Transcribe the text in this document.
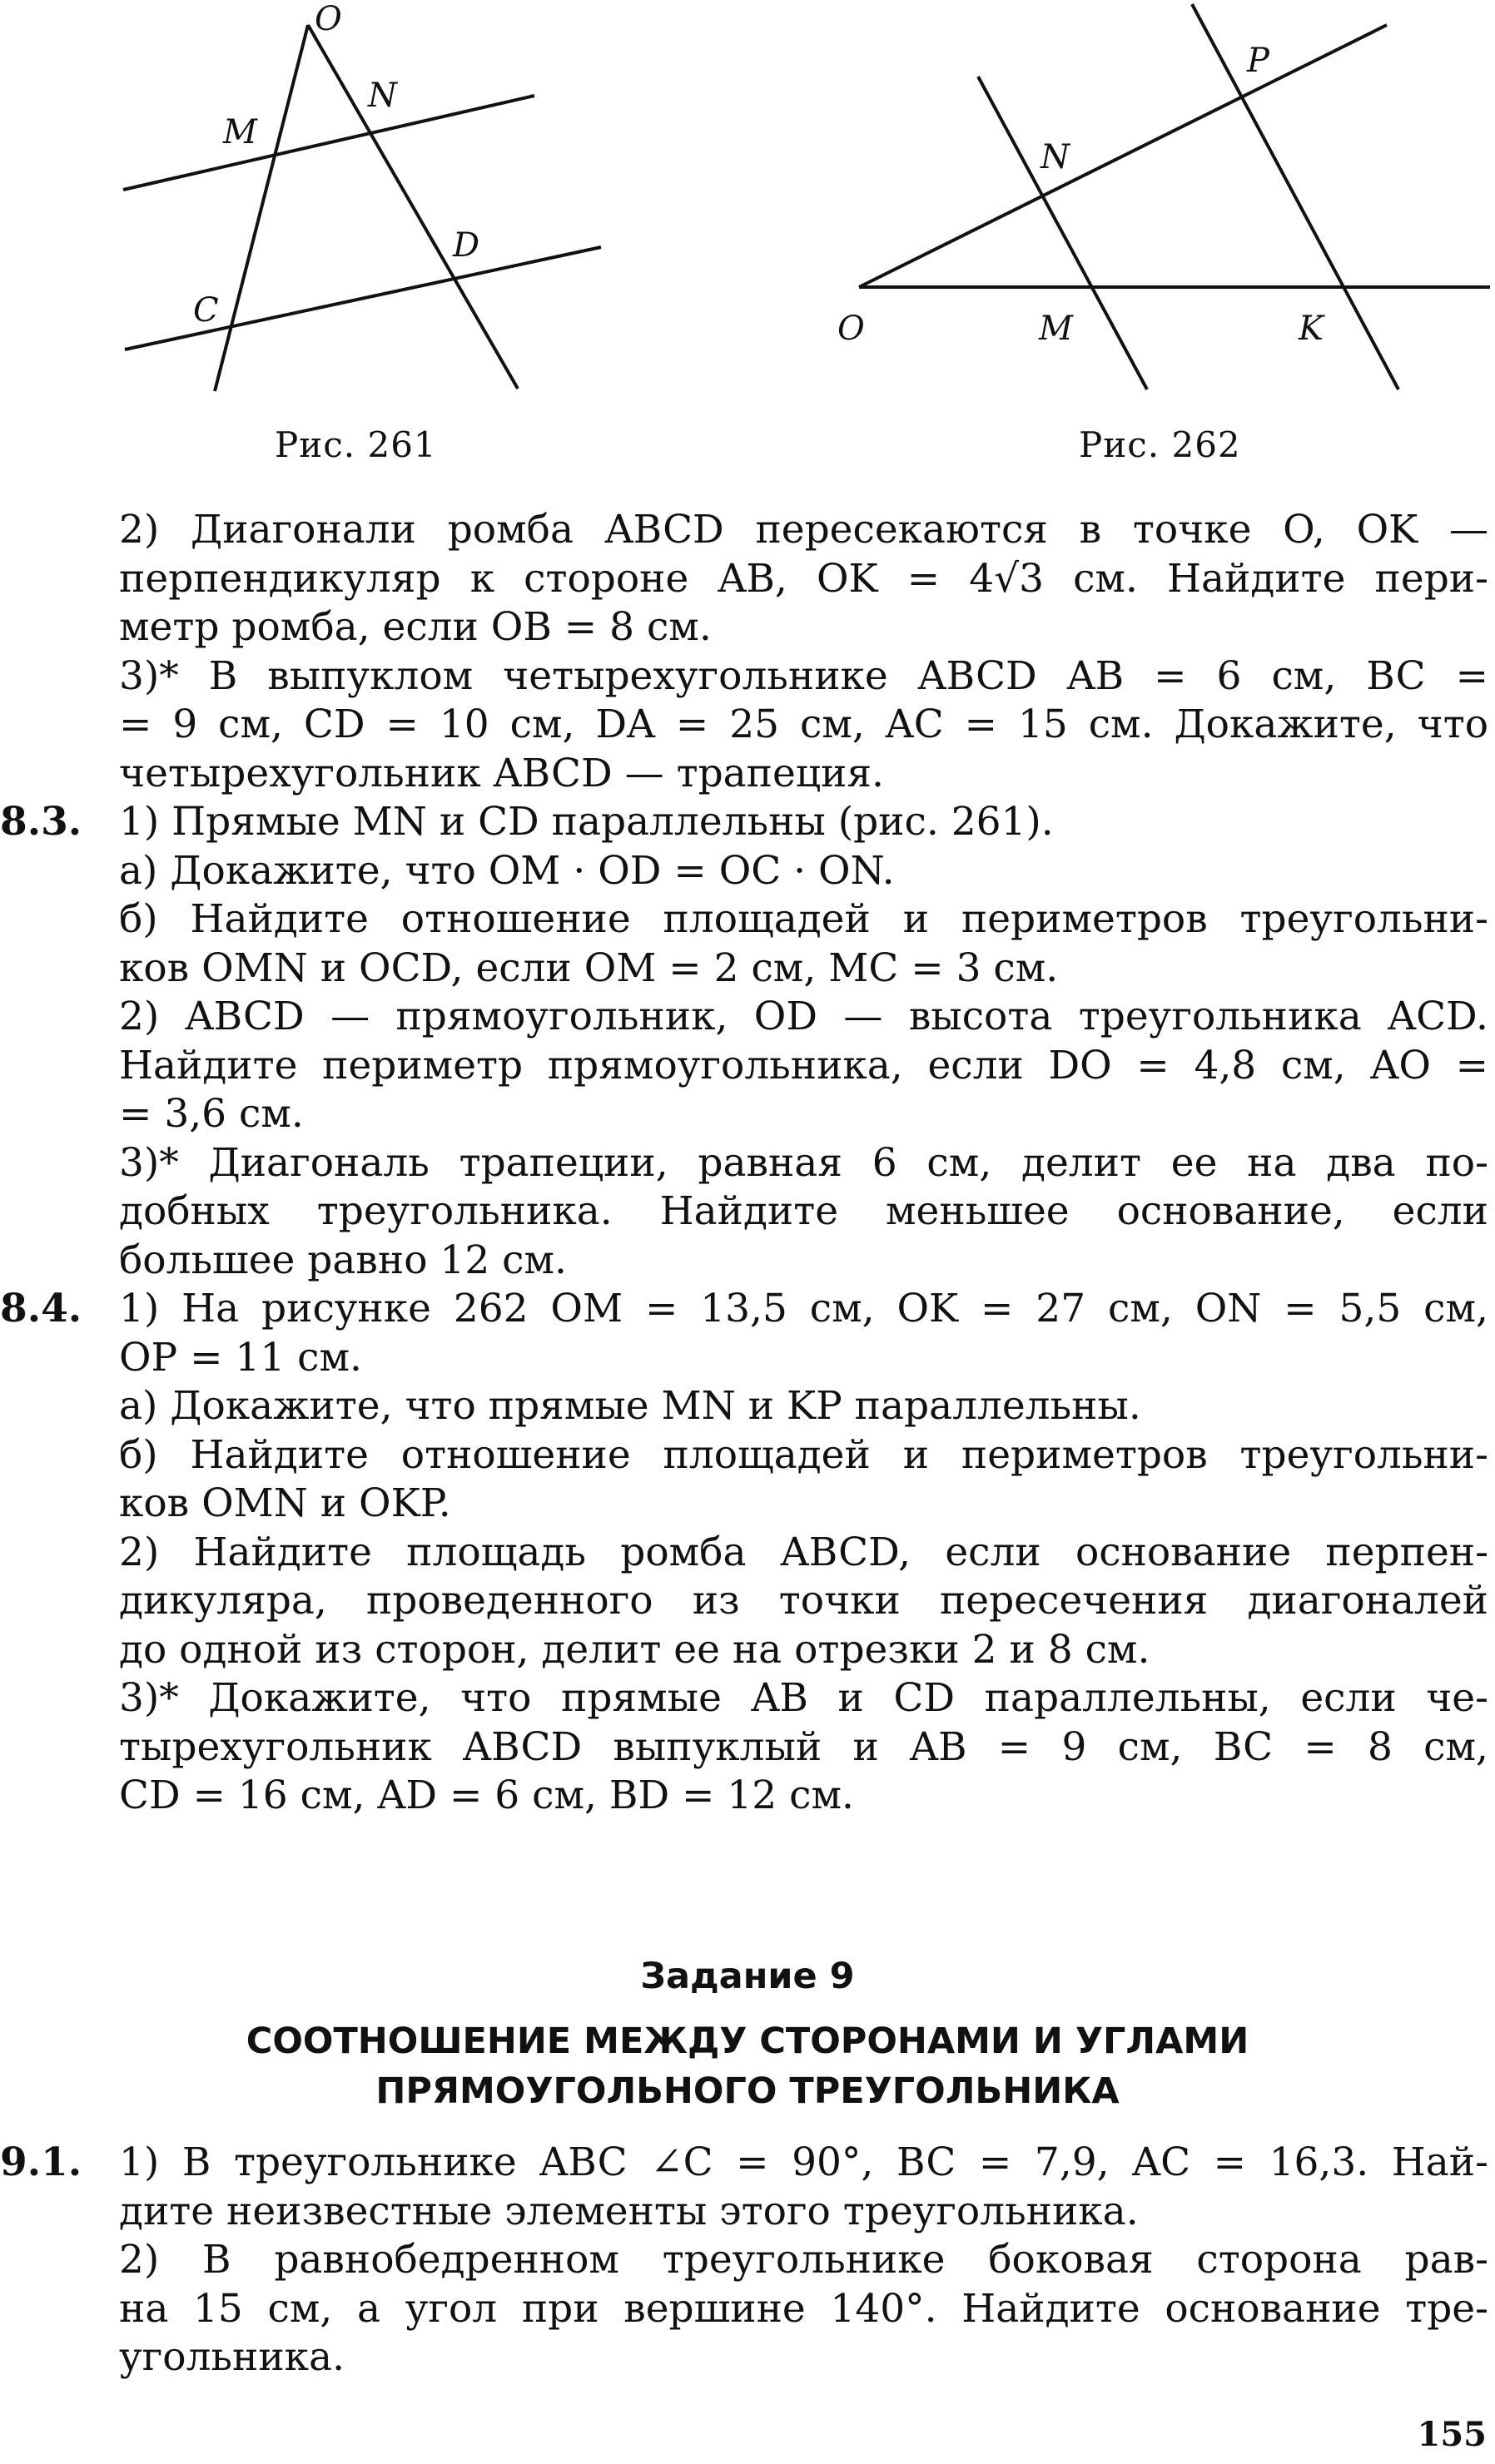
O
M
N
D
C
P
N
O	M	K
Рис. 261	Рис. 262
2) Диагонали ромба ABCD пересекаются в точке O, OK —
перпендикуляр к стороне AB, OK = 4√3 см. Найдите пери-
метр ромба, если OB = 8 см.
3)* В выпуклом четырехугольнике ABCD AB = 6 см, BC =
= 9 см, CD = 10 см, DA = 25 см, AC = 15 см. Докажите, что
четырехугольник ABCD — трапеция.
8.3. 1) Прямые MN и CD параллельны (рис. 261).
а) Докажите, что OM · OD = OC · ON.
б) Найдите отношение площадей и периметров треугольни-
ков OMN и OCD, если OM = 2 см, MC = 3 см.
2) ABCD — прямоугольник, OD — высота треугольника ACD.
Найдите периметр прямоугольника, если DO = 4,8 см, AO =
= 3,6 см.
3)* Диагональ трапеции, равная 6 см, делит ее на два по-
добных треугольника. Найдите меньшее основание, если
большее равно 12 см.
8.4. 1) На рисунке 262 OM = 13,5 см, OK = 27 см, ON = 5,5 см,
OP = 11 см.
а) Докажите, что прямые MN и KP параллельны.
б) Найдите отношение площадей и периметров треугольни-
ков OMN и OKP.
2) Найдите площадь ромба ABCD, если основание перпен-
дикуляра, проведенного из точки пересечения диагоналей
до одной из сторон, делит ее на отрезки 2 и 8 см.
3)* Докажите, что прямые AB и CD параллельны, если че-
тырехугольник ABCD выпуклый и AB = 9 см, BC = 8 см,
CD = 16 см, AD = 6 см, BD = 12 см.
Задание 9
СООТНОШЕНИЕ МЕЖДУ СТОРОНАМИ И УГЛАМИ
ПРЯМОУГОЛЬНОГО ТРЕУГОЛЬНИКА
9.1. 1) В треугольнике ABC ∠C = 90°, BC = 7,9, AC = 16,3. Най-
дите неизвестные элементы этого треугольника.
2) В равнобедренном треугольнике боковая сторона рав-
на 15 см, а угол при вершине 140°. Найдите основание тре-
угольника.
155
